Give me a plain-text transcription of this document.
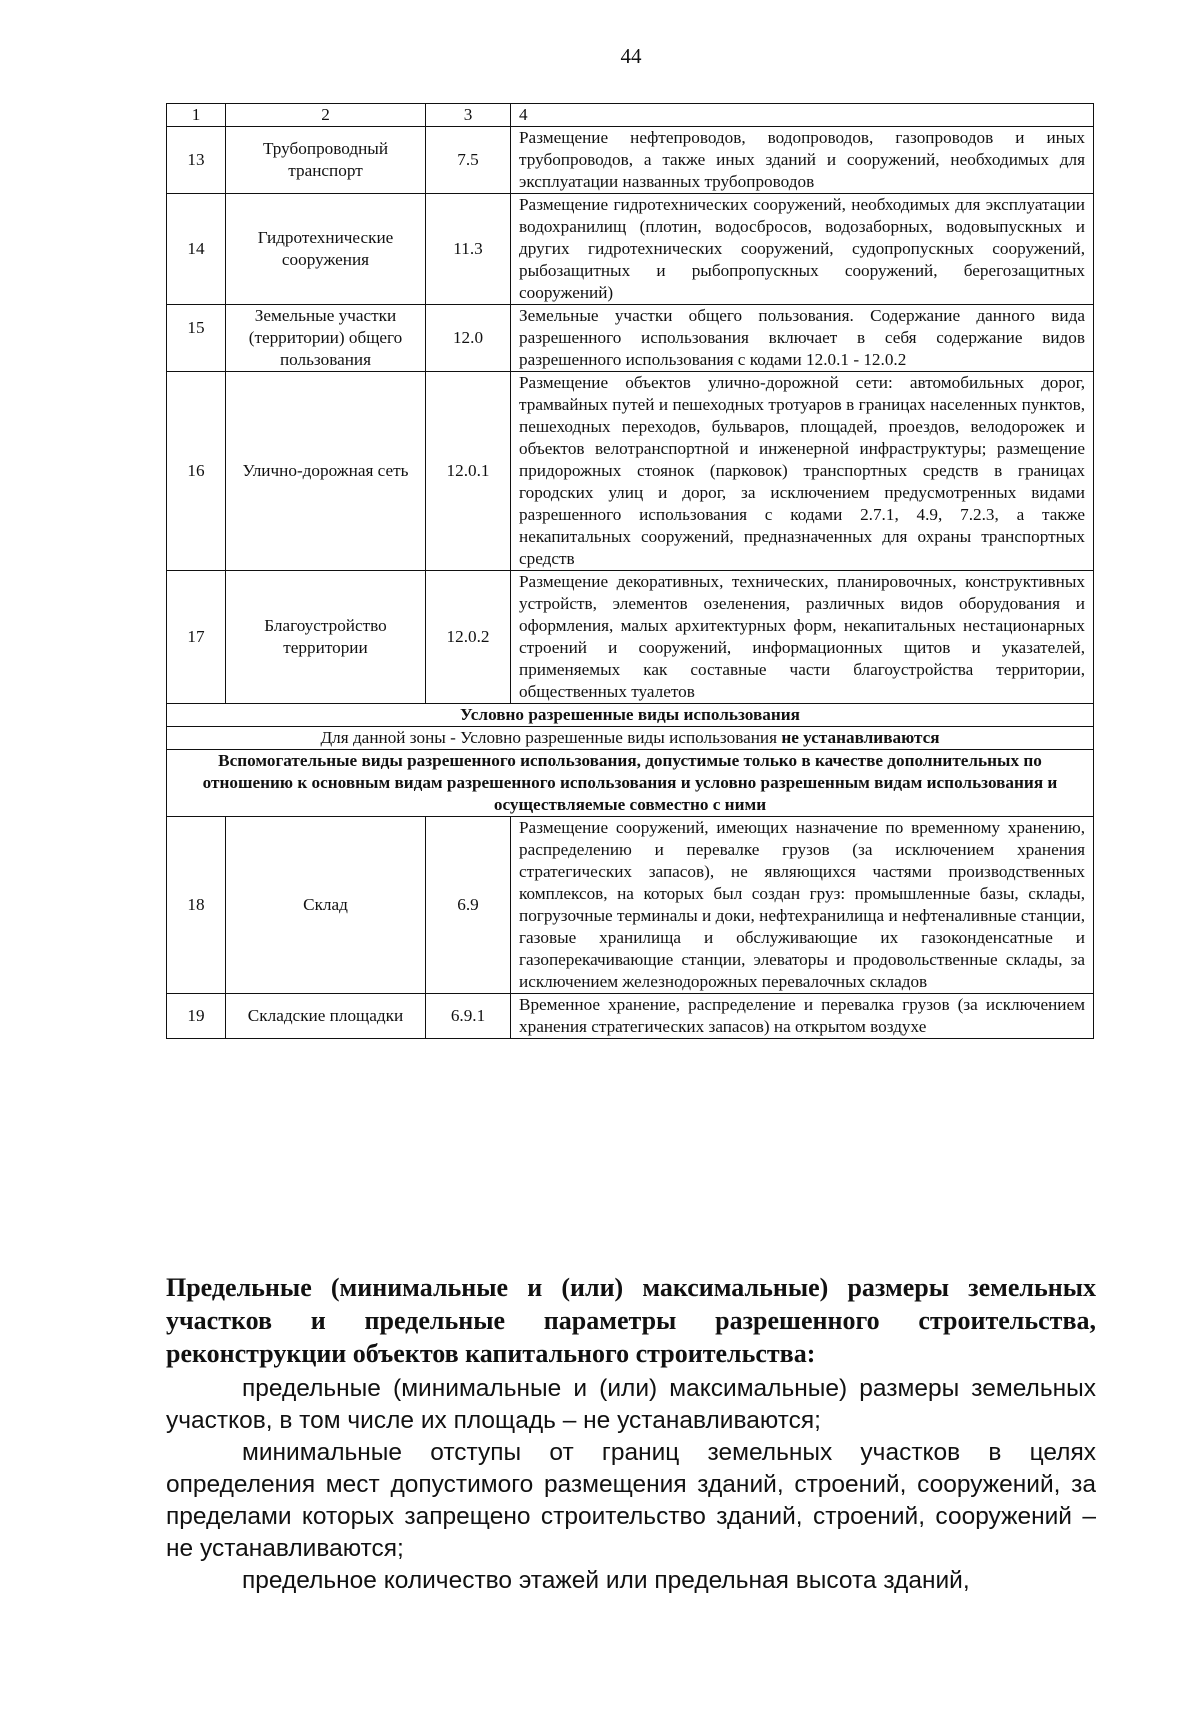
44
1	2	3	4
13	Трубопроводный транспорт	7.5	Размещение нефтепроводов, водопроводов, газопроводов и иных трубопроводов, а также иных зданий и сооружений, необходимых для эксплуатации названных трубопроводов
14	Гидротехнические сооружения	11.3	Размещение гидротехнических сооружений, необходимых для эксплуатации водохранилищ (плотин, водосбросов, водозаборных, водовыпускных и других гидротехнических сооружений, судопропускных сооружений, рыбозащитных и рыбопропускных сооружений, берегозащитных сооружений)
15	Земельные участки (территории) общего пользования	12.0	Земельные участки общего пользования. Содержание данного вида разрешенного использования включает в себя содержание видов разрешенного использования с кодами 12.0.1 - 12.0.2
16	Улично-дорожная сеть	12.0.1	Размещение объектов улично-дорожной сети: автомобильных дорог, трамвайных путей и пешеходных тротуаров в границах населенных пунктов, пешеходных переходов, бульваров, площадей, проездов, велодорожек и объектов велотранспортной и инженерной инфраструктуры; размещение придорожных стоянок (парковок) транспортных средств в границах городских улиц и дорог, за исключением предусмотренных видами разрешенного использования с кодами 2.7.1, 4.9, 7.2.3, а также некапитальных сооружений, предназначенных для охраны транспортных средств
17	Благоустройство территории	12.0.2	Размещение декоративных, технических, планировочных, конструктивных устройств, элементов озеленения, различных видов оборудования и оформления, малых архитектурных форм, некапитальных нестационарных строений и сооружений, информационных щитов и указателей, применяемых как составные части благоустройства территории, общественных туалетов
Условно разрешенные виды использования			
Для данной зоны - Условно разрешенные виды использования не устанавливаются			
Вспомогательные виды разрешенного использования, допустимые только в качестве дополнительных по отношению к основным видам разрешенного использования и условно разрешенным видам использования и осуществляемые совместно с ними			
18	Склад	6.9	Размещение сооружений, имеющих назначение по временному хранению, распределению и перевалке грузов (за исключением хранения стратегических запасов), не являющихся частями производственных комплексов, на которых был создан груз: промышленные базы, склады, погрузочные терминалы и доки, нефтехранилища и нефтеналивные станции, газовые хранилища и обслуживающие их газоконденсатные и газоперекачивающие станции, элеваторы и продовольственные склады, за исключением железнодорожных перевалочных складов
19	Складские площадки	6.9.1	Временное хранение, распределение и перевалка грузов (за исключением хранения стратегических запасов) на открытом воздухе
Предельные (минимальные и (или) максимальные) размеры земельных участков и предельные параметры разрешенного строительства, реконструкции объектов капитального строительства:

предельные (минимальные и (или) максимальные) размеры земельных участков, в том числе их площадь – не устанавливаются;

минимальные отступы от границ земельных участков в целях определения мест допустимого размещения зданий, строений, сооружений, за пределами которых запрещено строительство зданий, строений, сооружений – не устанавливаются;

предельное количество этажей или предельная высота зданий,
